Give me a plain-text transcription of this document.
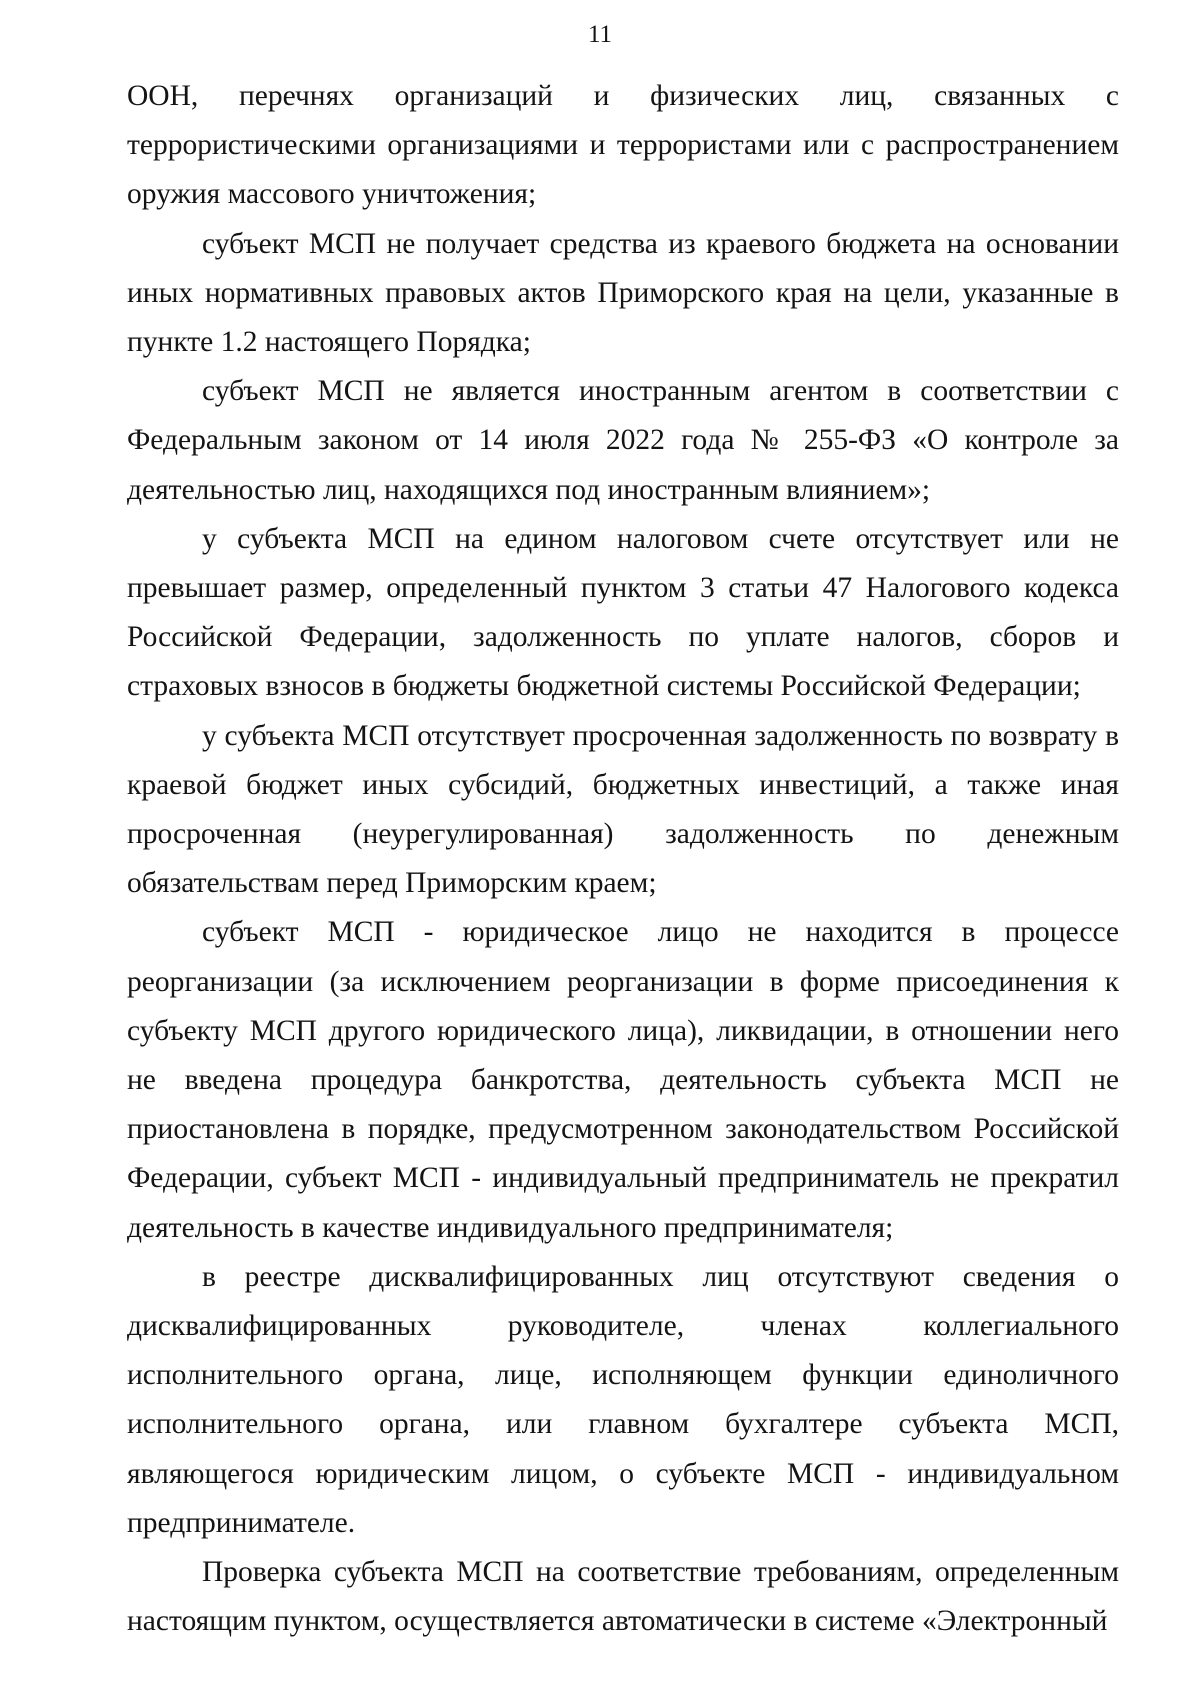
11

ООН, перечнях организаций и физических лиц, связанных с террористическими организациями и террористами или с распространением оружия массового уничтожения;

субъект МСП не получает средства из краевого бюджета на основании иных нормативных правовых актов Приморского края на цели, указанные в пункте 1.2 настоящего Порядка;

субъект МСП не является иностранным агентом в соответствии с Федеральным законом от 14 июля 2022 года № 255-ФЗ «О контроле за деятельностью лиц, находящихся под иностранным влиянием»;

у субъекта МСП на едином налоговом счете отсутствует или не превышает размер, определенный пунктом 3 статьи 47 Налогового кодекса Российской Федерации, задолженность по уплате налогов, сборов и страховых взносов в бюджеты бюджетной системы Российской Федерации;

у субъекта МСП отсутствует просроченная задолженность по возврату в краевой бюджет иных субсидий, бюджетных инвестиций, а также иная просроченная (неурегулированная) задолженность по денежным обязательствам перед Приморским краем;

субъект МСП - юридическое лицо не находится в процессе реорганизации (за исключением реорганизации в форме присоединения к субъекту МСП другого юридического лица), ликвидации, в отношении него не введена процедура банкротства, деятельность субъекта МСП не приостановлена в порядке, предусмотренном законодательством Российской Федерации, субъект МСП - индивидуальный предприниматель не прекратил деятельность в качестве индивидуального предпринимателя;

в реестре дисквалифицированных лиц отсутствуют сведения о дисквалифицированных руководителе, членах коллегиального исполнительного органа, лице, исполняющем функции единоличного исполнительного органа, или главном бухгалтере субъекта МСП, являющегося юридическим лицом, о субъекте МСП - индивидуальном предпринимателе.

Проверка субъекта МСП на соответствие требованиям, определенным настоящим пунктом, осуществляется автоматически в системе «Электронный
